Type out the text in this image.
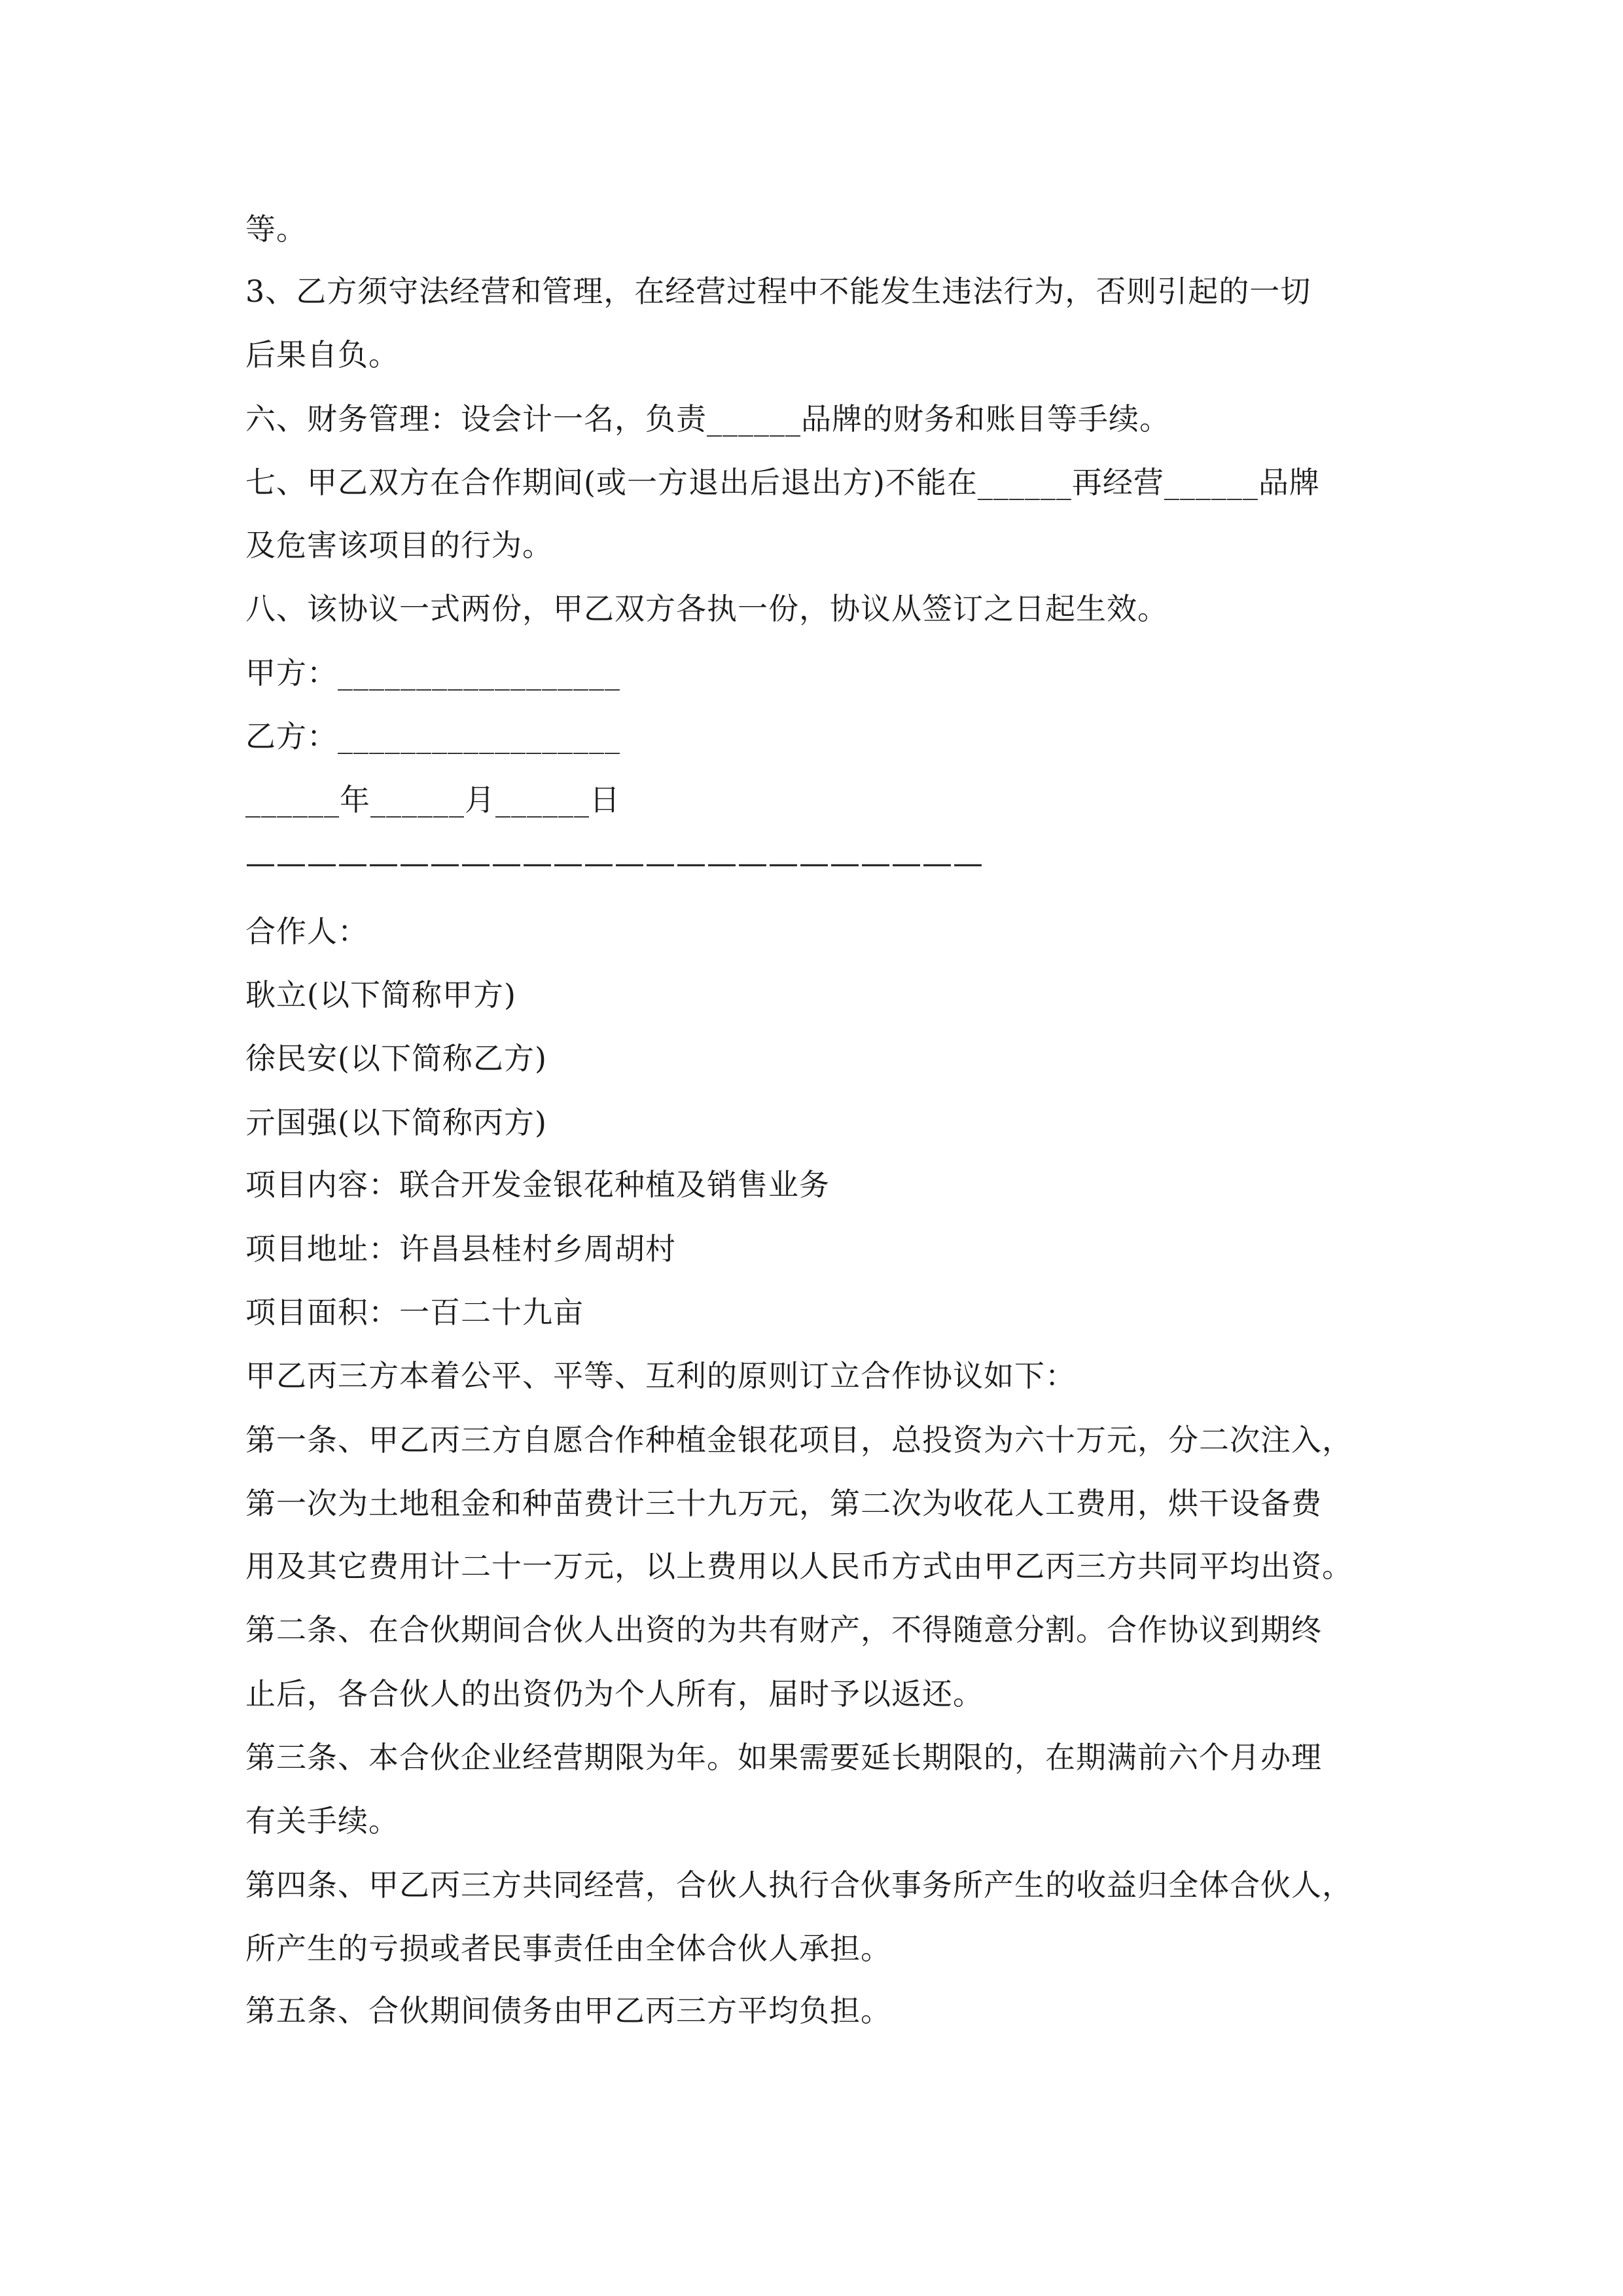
等。
3、乙方须守法经营和管理，在经营过程中不能发生违法行为，否则引起的一切
后果自负。
六、财务管理：设会计一名，负责______品牌的财务和账目等手续。
七、甲乙双方在合作期间(或一方退出后退出方)不能在______再经营______品牌
及危害该项目的行为。
八、该协议一式两份，甲乙双方各执一份，协议从签订之日起生效。
甲方：__________________
乙方：__________________
______年______月______日
————————————————————————
合作人：
耿立(以下简称甲方)
徐民安(以下简称乙方)
亓国强(以下简称丙方)
项目内容：联合开发金银花种植及销售业务
项目地址：许昌县桂村乡周胡村
项目面积：一百二十九亩
甲乙丙三方本着公平、平等、互利的原则订立合作协议如下：
第一条、甲乙丙三方自愿合作种植金银花项目，总投资为六十万元，分二次注入，
第一次为土地租金和种苗费计三十九万元，第二次为收花人工费用，烘干设备费
用及其它费用计二十一万元，以上费用以人民币方式由甲乙丙三方共同平均出资。
第二条、在合伙期间合伙人出资的为共有财产，不得随意分割。合作协议到期终
止后，各合伙人的出资仍为个人所有，届时予以返还。
第三条、本合伙企业经营期限为年。如果需要延长期限的，在期满前六个月办理
有关手续。
第四条、甲乙丙三方共同经营，合伙人执行合伙事务所产生的收益归全体合伙人，
所产生的亏损或者民事责任由全体合伙人承担。
第五条、合伙期间债务由甲乙丙三方平均负担。
